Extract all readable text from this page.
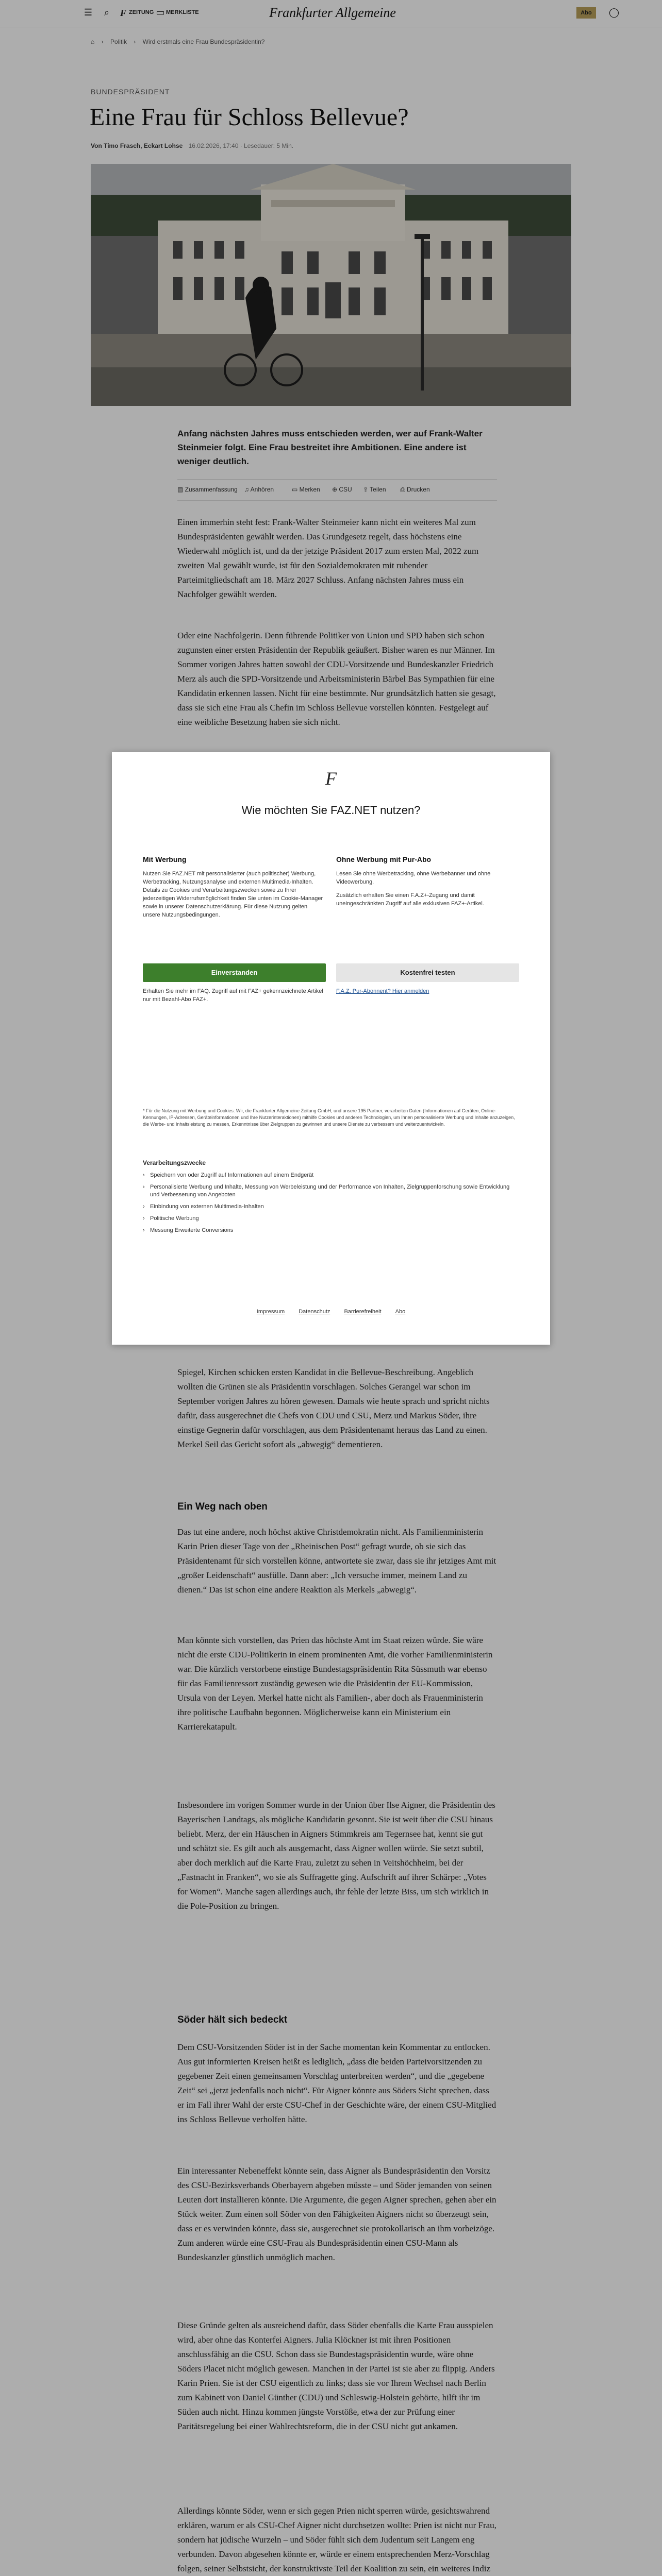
☰	⌕	F ZEITUNG ▭ MERKLISTE	Frankfurter Allgemeine	Abo	◯
⌂ › Politik › Wird erstmals eine Frau Bundespräsidentin?
BUNDESPRÄSIDENT
Eine Frau für Schloss Bellevue?
Von Timo Frasch, Eckart Lohse 16.02.2026, 17:40 · Lesedauer: 5 Min.

Anfang nächsten Jahres muss entschieden werden, wer auf Frank-Walter Steinmeier folgt. Eine Frau bestreitet ihre Ambitionen. Eine andere ist weniger deutlich.

▤ Zusammenfassung ♫ Anhören	▭ Merken ⊕ CSU ⇪ Teilen ⎙ Drucken

Einen immerhin steht fest: Frank-Walter Steinmeier kann nicht ein weiteres Mal zum Bundespräsidenten gewählt werden. Das Grundgesetz regelt, dass höchstens eine Wiederwahl möglich ist, und da der jetzige Präsident 2017 zum ersten Mal, 2022 zum zweiten Mal gewählt wurde, ist für den Sozialdemokraten mit ruhender Parteimitgliedschaft am 18. März 2027 Schluss. Anfang nächsten Jahres muss ein Nachfolger gewählt werden.

Oder eine Nachfolgerin. Denn führende Politiker von Union und SPD haben sich schon zugunsten einer ersten Präsidentin der Republik geäußert. Bisher waren es nur Männer. Im Sommer vorigen Jahres hatten sowohl der CDU-Vorsitzende und Bundeskanzler Friedrich Merz als auch die SPD-Vorsitzende und Arbeitsministerin Bärbel Bas Sympathien für eine Kandidatin erkennen lassen. Nicht für eine bestimmte. Nur grundsätzlich hatten sie gesagt, dass sie sich eine Frau als Chefin im Schloss Bellevue vorstellen könnten. Festgelegt auf eine weibliche Besetzung haben sie sich nicht.

Spiegel, Kirchen schicken ersten Kandidat in die Bellevue-Beschreibung. Angeblich wollten die Grünen sie als Präsidentin vorschlagen. Solches Gerangel war schon im September vorigen Jahres zu hören gewesen. Damals wie heute sprach und spricht nichts dafür, dass ausgerechnet die Chefs von CDU und CSU, Merz und Markus Söder, ihre einstige Gegnerin dafür vorschlagen, aus dem Präsidentenamt heraus das Land zu einen. Merkel Seil das Gericht sofort als „abwegig“ dementieren.

Ein Weg nach oben

Das tut eine andere, noch höchst aktive Christdemokratin nicht. Als Familienministerin Karin Prien dieser Tage von der „Rheinischen Post“ gefragt wurde, ob sie sich das Präsidentenamt für sich vorstellen könne, antwortete sie zwar, dass sie ihr jetziges Amt mit „großer Leidenschaft“ ausfülle. Dann aber: „Ich versuche immer, meinem Land zu dienen.“ Das ist schon eine andere Reaktion als Merkels „abwegig“.

Man könnte sich vorstellen, das Prien das höchste Amt im Staat reizen würde. Sie wäre nicht die erste CDU-Politikerin in einem prominenten Amt, die vorher Familienministerin war. Die kürzlich verstorbene einstige Bundestagspräsidentin Rita Süssmuth war ebenso für das Familienressort zuständig gewesen wie die Präsidentin der EU-Kommission, Ursula von der Leyen. Merkel hatte nicht als Familien-, aber doch als Frauenministerin ihre politische Laufbahn begonnen. Möglicherweise kann ein Ministerium ein Karrierekatapult.

Insbesondere im vorigen Sommer wurde in der Union über Ilse Aigner, die Präsidentin des Bayerischen Landtags, als mögliche Kandidatin gesonnt. Sie ist weit über die CSU hinaus beliebt. Merz, der ein Häuschen in Aigners Stimmkreis am Tegernsee hat, kennt sie gut und schätzt sie. Es gilt auch als ausgemacht, dass Aigner wollen würde. Sie setzt subtil, aber doch merklich auf die Karte Frau, zuletzt zu sehen in Veitshöchheim, bei der „Fastnacht in Franken“, wo sie als Suffragette ging. Aufschrift auf ihrer Schärpe: „Votes for Women“. Manche sagen allerdings auch, ihr fehle der letzte Biss, um sich wirklich in die Pole-Position zu bringen.

Söder hält sich bedeckt

Dem CSU-Vorsitzenden Söder ist in der Sache momentan kein Kommentar zu entlocken. Aus gut informierten Kreisen heißt es lediglich, „dass die beiden Parteivorsitzenden zu gegebener Zeit einen gemeinsamen Vorschlag unterbreiten werden“, und die „gegebene Zeit“ sei „jetzt jedenfalls noch nicht“. Für Aigner könnte aus Söders Sicht sprechen, dass er im Fall ihrer Wahl der erste CSU-Chef in der Geschichte wäre, der einem CSU-Mitglied ins Schloss Bellevue verholfen hätte.

Ein interessanter Nebeneffekt könnte sein, dass Aigner als Bundespräsidentin den Vorsitz des CSU-Bezirksverbands Oberbayern abgeben müsste – und Söder jemanden von seinen Leuten dort installieren könnte. Die Argumente, die gegen Aigner sprechen, gehen aber ein Stück weiter. Zum einen soll Söder von den Fähigkeiten Aigners nicht so überzeugt sein, dass er es verwinden könnte, dass sie, ausgerechnet sie protokollarisch an ihm vorbeizöge. Zum anderen würde eine CSU-Frau als Bundespräsidentin einen CSU-Mann als Bundeskanzler günstlich unmöglich machen.

Diese Gründe gelten als ausreichend dafür, dass Söder ebenfalls die Karte Frau ausspielen wird, aber ohne das Konterfei Aigners. Julia Klöckner ist mit ihren Positionen anschlussfähig an die CSU. Schon dass sie Bundestagspräsidentin wurde, wäre ohne Söders Placet nicht möglich gewesen. Manchen in der Partei ist sie aber zu flippig. Anders Karin Prien. Sie ist der CSU eigentlich zu links; dass sie vor Ihrem Wechsel nach Berlin zum Kabinett von Daniel Günther (CDU) und Schleswig-Holstein gehörte, hilft ihr im Süden auch nicht. Hinzu kommen jüngste Vorstöße, etwa der zur Prüfung einer Paritätsregelung bei einer Wahlrechtsreform, die in der CSU nicht gut ankamen.

Allerdings könnte Söder, wenn er sich gegen Prien nicht sperren würde, gesichtswahrend erklären, warum er als CSU-Chef Aigner nicht durchsetzen wollte: Prien ist nicht nur Frau, sondern hat jüdische Wurzeln – und Söder fühlt sich dem Judentum seit Langem eng verbunden. Davon abgesehen könnte er, würde er einem entsprechenden Merz-Vorschlag folgen, seiner Selbstsicht, der konstruktivste Teil der Koalition zu sein, ein weiteres Indiz

F
Wie möchten Sie FAZ.NET nutzen?
Mit Werbung

Nutzen Sie FAZ.NET mit personalisierter (auch politischer) Werbung, Werbetracking, Nutzungsanalyse und externen Multimedia-Inhalten. Details zu Cookies und Verarbeitungszwecken sowie zu Ihrer jederzeitigen Widerrufsmöglichkeit finden Sie unten im Cookie-Manager sowie in unserer Datenschutzerklärung. Für diese Nutzung gelten unsere Nutzungsbedingungen.

Einverstanden

Erhalten Sie mehr im FAQ. Zugriff auf mit FAZ+ gekennzeichnete Artikel nur mit Bezahl-Abo FAZ+.

Ohne Werbung mit Pur-Abo

Lesen Sie ohne Werbetracking, ohne Werbebanner und ohne Videowerbung.

Zusätzlich erhalten Sie einen F.A.Z+-Zugang und damit uneingeschränkten Zugriff auf alle exklusiven FAZ+-Artikel.

Kostenfrei testen
F.A.Z. Pur-Abonnent? Hier anmelden

* Für die Nutzung mit Werbung und Cookies: Wir, die Frankfurter Allgemeine Zeitung GmbH, und unsere 195 Partner, verarbeiten Daten (Informationen auf Geräten, Online-Kennungen, IP-Adressen, Geräteinformationen und Ihre Nutzerinteraktionen) mithilfe Cookies und anderen Technologien, um Ihnen personalisierte Werbung und Inhalte anzuzeigen, die Werbe- und Inhaltsleistung zu messen, Erkenntnisse über Zielgruppen zu gewinnen und unsere Dienste zu verbessern und weiterzuentwickeln.

Verarbeitungszwecke
› Speichern von oder Zugriff auf Informationen auf einem Endgerät
› Personalisierte Werbung und Inhalte, Messung von Werbeleistung und der Performance von Inhalten, Zielgruppenforschung sowie Entwicklung und Verbesserung von Angeboten
› Einbindung von externen Multimedia-Inhalten
› Politische Werbung
› Messung Erweiterte Conversions
Impressum Datenschutz Barrierefreiheit Abo
